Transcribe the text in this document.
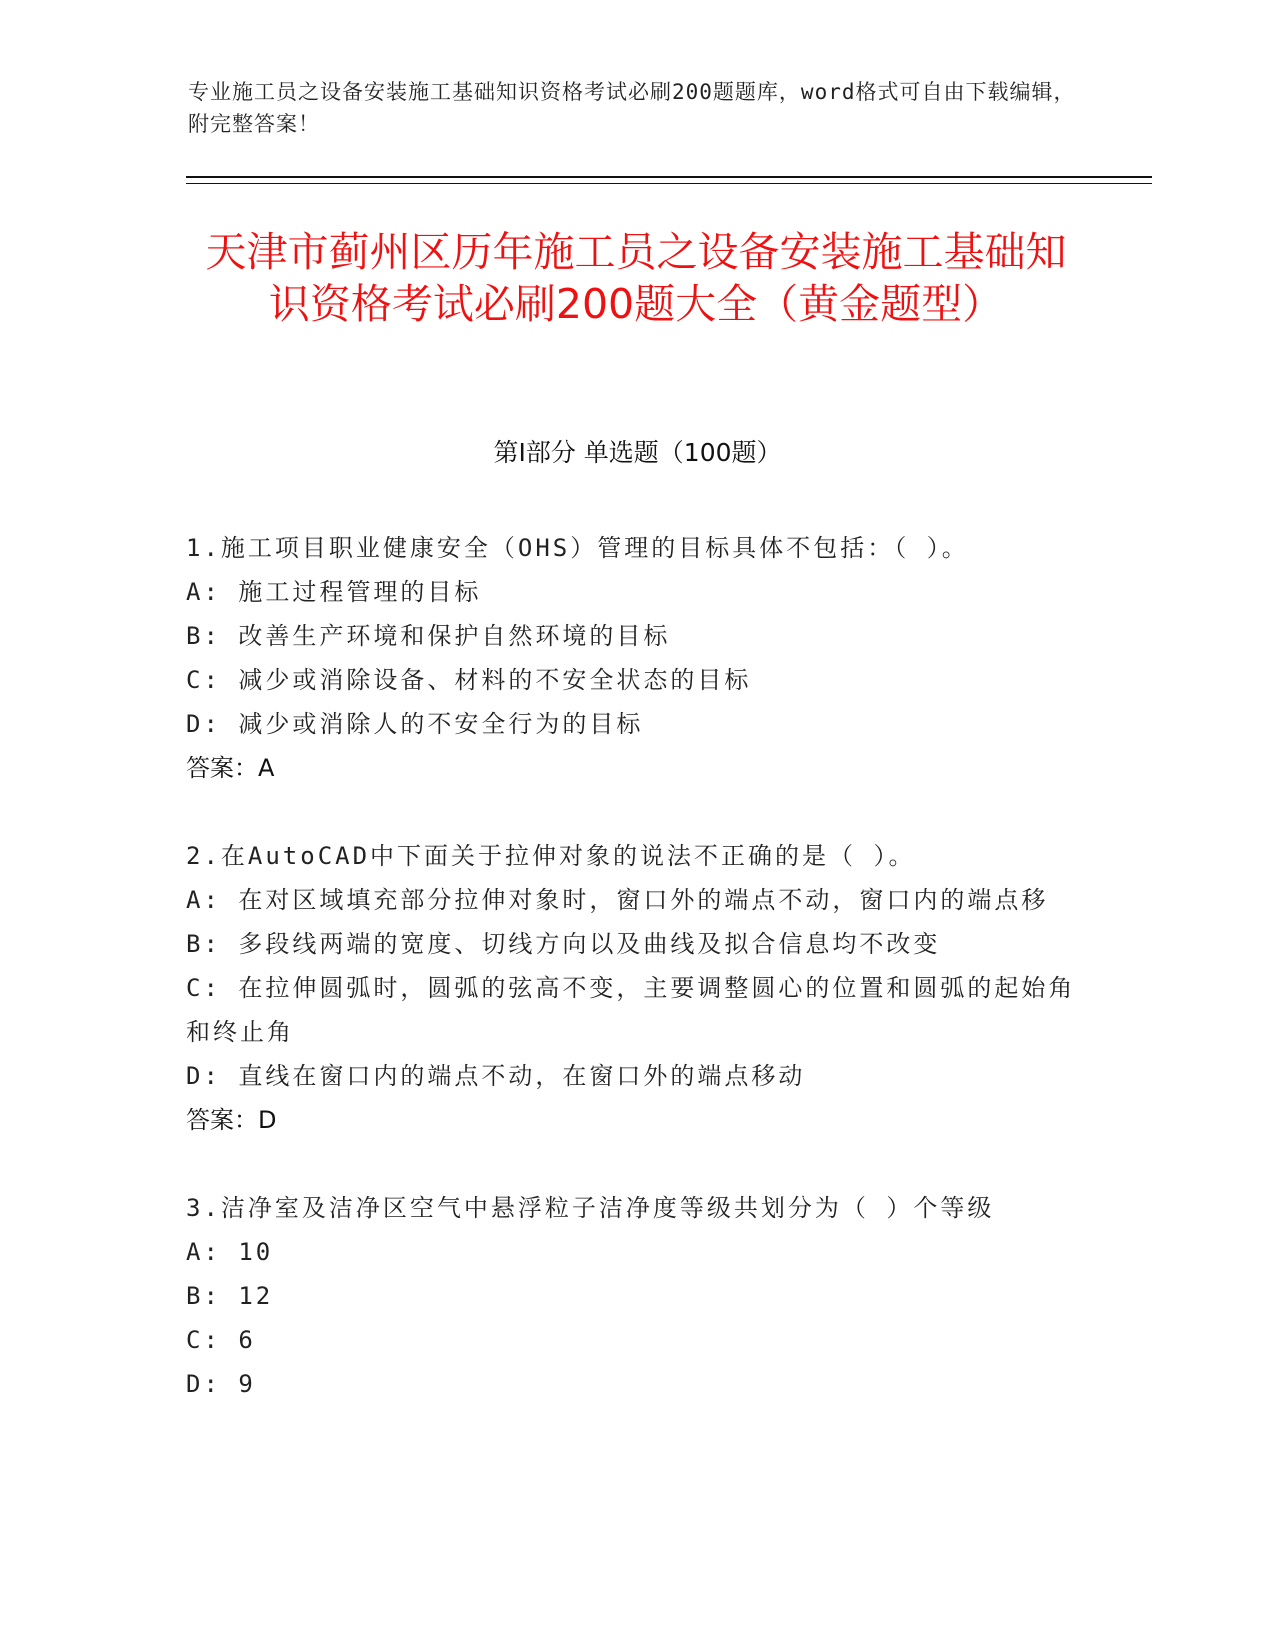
专业施工员之设备安装施工基础知识资格考试必刷200题题库，word格式可自由下载编辑，附完整答案！
天津市蓟州区历年施工员之设备安装施工基础知识资格考试必刷200题大全（黄金题型）
第Ⅰ部分 单选题（100题）
1.施工项目职业健康安全（OHS）管理的目标具体不包括：（ ）。
A: 施工过程管理的目标
B: 改善生产环境和保护自然环境的目标
C: 减少或消除设备、材料的不安全状态的目标
D: 减少或消除人的不安全行为的目标
答案：A
2.在AutoCAD中下面关于拉伸对象的说法不正确的是（ ）。
A: 在对区域填充部分拉伸对象时，窗口外的端点不动，窗口内的端点移
B: 多段线两端的宽度、切线方向以及曲线及拟合信息均不改变
C: 在拉伸圆弧时，圆弧的弦高不变，主要调整圆心的位置和圆弧的起始角和终止角
D: 直线在窗口内的端点不动，在窗口外的端点移动
答案：D
3.洁净室及洁净区空气中悬浮粒子洁净度等级共划分为（ ）个等级
A: 10
B: 12
C: 6
D: 9
